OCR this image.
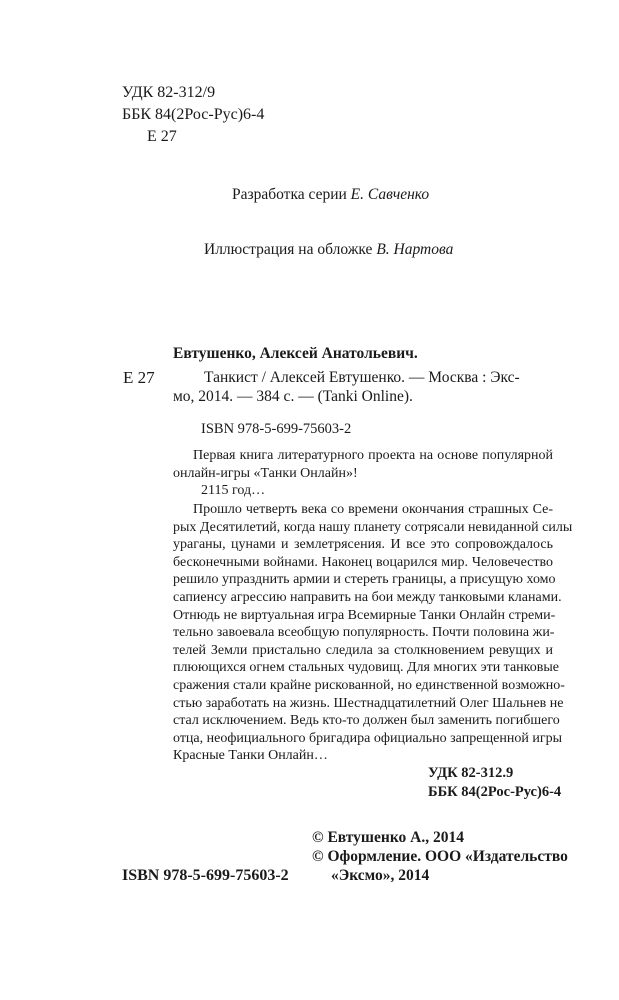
УДК 82-312/9
ББК 84(2Рос-Рус)6-4
Е 27
Разработка серии Е. Савченко
Иллюстрация на обложке В. Нартова
Евтушенко, Алексей Анатольевич.
Е 27	Танкист / Алексей Евтушенко. — Москва : Экс-
мо, 2014. — 384 с. — (Tanki Online).
ISBN 978-5-699-75603-2
Первая книга литературного проекта на основе популярной
онлайн-игры «Танки Онлайн»!
2115 год…
Прошло четверть века со времени окончания страшных Се-
рых Десятилетий, когда нашу планету сотрясали невиданной силы
ураганы, цунами и землетрясения. И все это сопровождалось
бесконечными войнами. Наконец воцарился мир. Человечество
решило упразднить армии и стереть границы, а присущую хомо
сапиенсу агрессию направить на бои между танковыми кланами.
Отнюдь не виртуальная игра Всемирные Танки Онлайн стреми-
тельно завоевала всеобщую популярность. Почти половина жи-
телей Земли пристально следила за столкновением ревущих и
плюющихся огнем стальных чудовищ. Для многих эти танковые
сражения стали крайне рискованной, но единственной возможно-
стью заработать на жизнь. Шестнадцатилетний Олег Шальнев не
стал исключением. Ведь кто-то должен был заменить погибшего
отца, неофициального бригадира официально запрещенной игры
Красные Танки Онлайн…
УДК 82-312.9
ББК 84(2Рос-Рус)6-4
© Евтушенко А., 2014
© Оформление. ООО «Издательство
«Эксмо», 2014
ISBN 978-5-699-75603-2
